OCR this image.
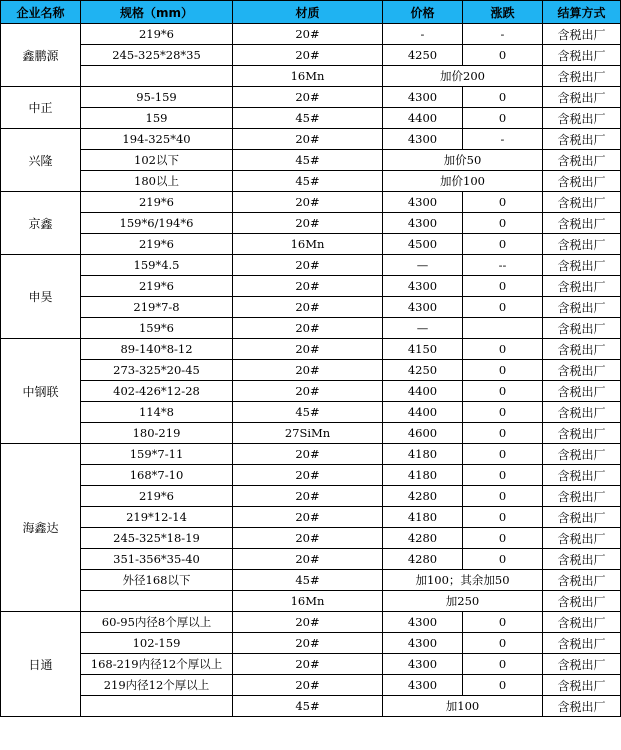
企业名称	规格（mm）	材质	价格	涨跌	结算方式
鑫鹏源	219*6	20#	-	-	含税出厂
	245-325*28*35	20#	4250	0	含税出厂
		16Mn	加价200		含税出厂
中正	95-159	20#	4300	0	含税出厂
	159	45#	4400	0	含税出厂
兴隆	194-325*40	20#	4300	-	含税出厂
	102以下	45#	加价50		含税出厂
	180以上	45#	加价100		含税出厂
京鑫	219*6	20#	4300	0	含税出厂
	159*6/194*6	20#	4300	0	含税出厂
	219*6	16Mn	4500	0	含税出厂
申昊	159*4.5	20#	—	--	含税出厂
	219*6	20#	4300	0	含税出厂
	219*7-8	20#	4300	0	含税出厂
	159*6	20#	—		含税出厂
中钢联	89-140*8-12	20#	4150	0	含税出厂
	273-325*20-45	20#	4250	0	含税出厂
	402-426*12-28	20#	4400	0	含税出厂
	114*8	45#	4400	0	含税出厂
	180-219	27SiMn	4600	0	含税出厂
海鑫达	159*7-11	20#	4180	0	含税出厂
	168*7-10	20#	4180	0	含税出厂
	219*6	20#	4280	0	含税出厂
	219*12-14	20#	4180	0	含税出厂
	245-325*18-19	20#	4280	0	含税出厂
	351-356*35-40	20#	4280	0	含税出厂
	外径168以下	45#	加100；其余加50		含税出厂
		16Mn	加250		含税出厂
日通	60-95内径8个厚以上	20#	4300	0	含税出厂
	102-159	20#	4300	0	含税出厂
	168-219内径12个厚以上	20#	4300	0	含税出厂
	219内径12个厚以上	20#	4300	0	含税出厂
		45#	加100		含税出厂
